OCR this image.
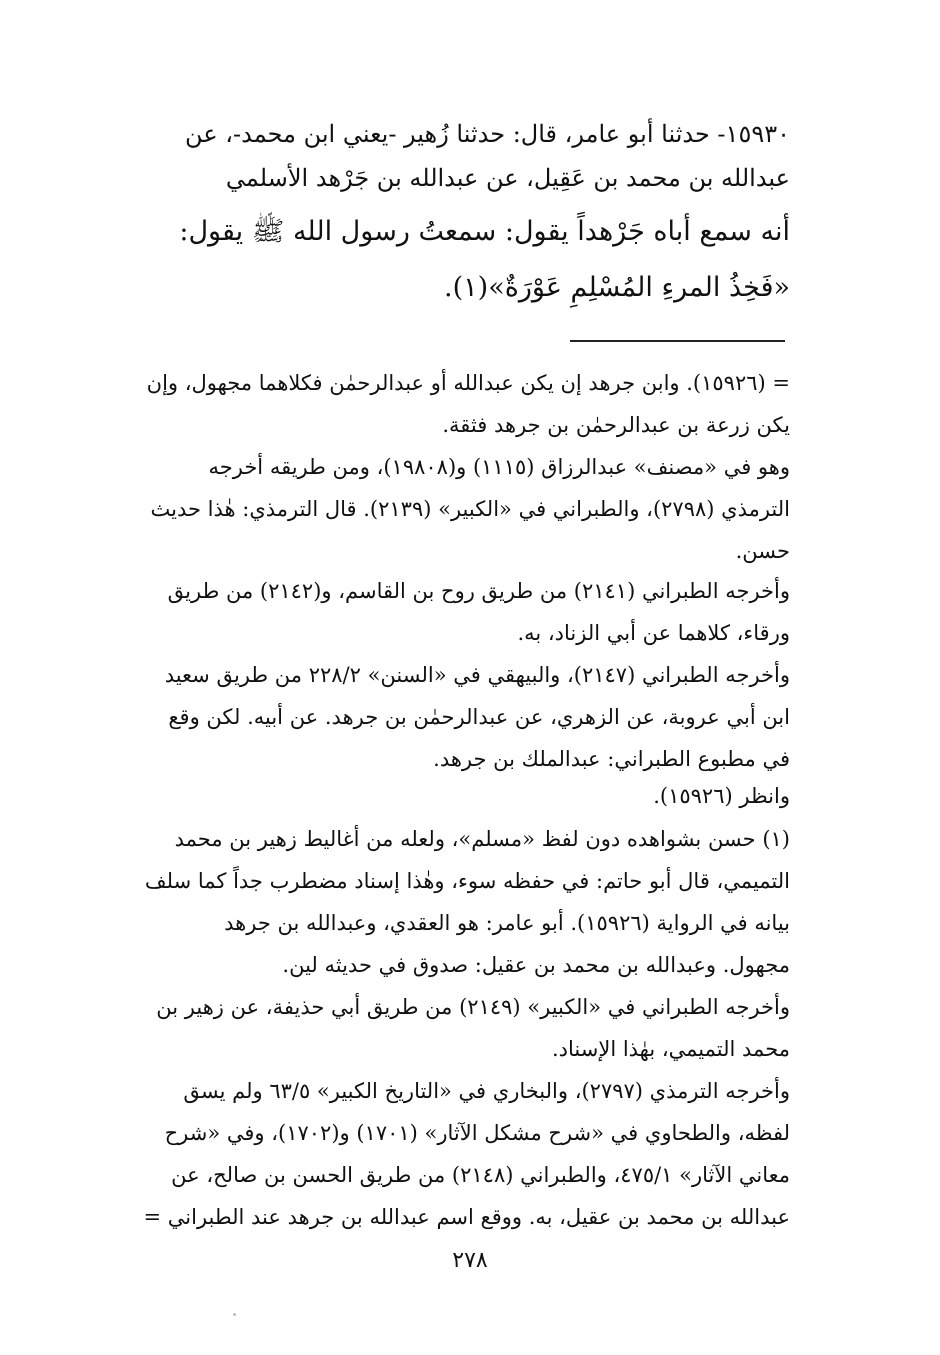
١٥٩٣٠- حدثنا أبو عامر، قال: حدثنا زُهير -يعني ابن محمد-، عن
عبدالله بن محمد بن عَقِيل، عن عبدالله بن جَرْهد الأسلمي
أنه سمع أباه جَرْهداً يقول: سمعتُ رسول الله ﷺ يقول:
«فَخِذُ المرءِ المُسْلِمِ عَوْرَةٌ»(١).
= (١٥٩٢٦). وابن جرهد إن يكن عبدالله أو عبدالرحمٰن فكلاهما مجهول، وإن
يكن زرعة بن عبدالرحمٰن بن جرهد فثقة.
وهو في «مصنف» عبدالرزاق (١١١٥) و(١٩٨٠٨)، ومن طريقه أخرجه
الترمذي (٢٧٩٨)، والطبراني في «الكبير» (٢١٣٩). قال الترمذي: هٰذا حديث
حسن.
وأخرجه الطبراني (٢١٤١) من طريق روح بن القاسم، و(٢١٤٢) من طريق
ورقاء، كلاهما عن أبي الزناد، به.
وأخرجه الطبراني (٢١٤٧)، والبيهقي في «السنن» ٢٢٨/٢ من طريق سعيد
ابن أبي عروبة، عن الزهري، عن عبدالرحمٰن بن جرهد. عن أبيه. لكن وقع
في مطبوع الطبراني: عبدالملك بن جرهد.
وانظر (١٥٩٢٦).
(١) حسن بشواهده دون لفظ «مسلم»، ولعله من أغاليط زهير بن محمد
التميمي، قال أبو حاتم: في حفظه سوء، وهٰذا إسناد مضطرب جداً كما سلف
بيانه في الرواية (١٥٩٢٦). أبو عامر: هو العقدي، وعبدالله بن جرهد
مجهول. وعبدالله بن محمد بن عقيل: صدوق في حديثه لين.
وأخرجه الطبراني في «الكبير» (٢١٤٩) من طريق أبي حذيفة، عن زهير بن
محمد التميمي، بهٰذا الإسناد.
وأخرجه الترمذي (٢٧٩٧)، والبخاري في «التاريخ الكبير» ٦٣/٥ ولم يسق
لفظه، والطحاوي في «شرح مشكل الآثار» (١٧٠١) و(١٧٠٢)، وفي «شرح
معاني الآثار» ٤٧٥/١، والطبراني (٢١٤٨) من طريق الحسن بن صالح، عن
عبدالله بن محمد بن عقيل، به. ووقع اسم عبدالله بن جرهد عند الطبراني =
٢٧٨
